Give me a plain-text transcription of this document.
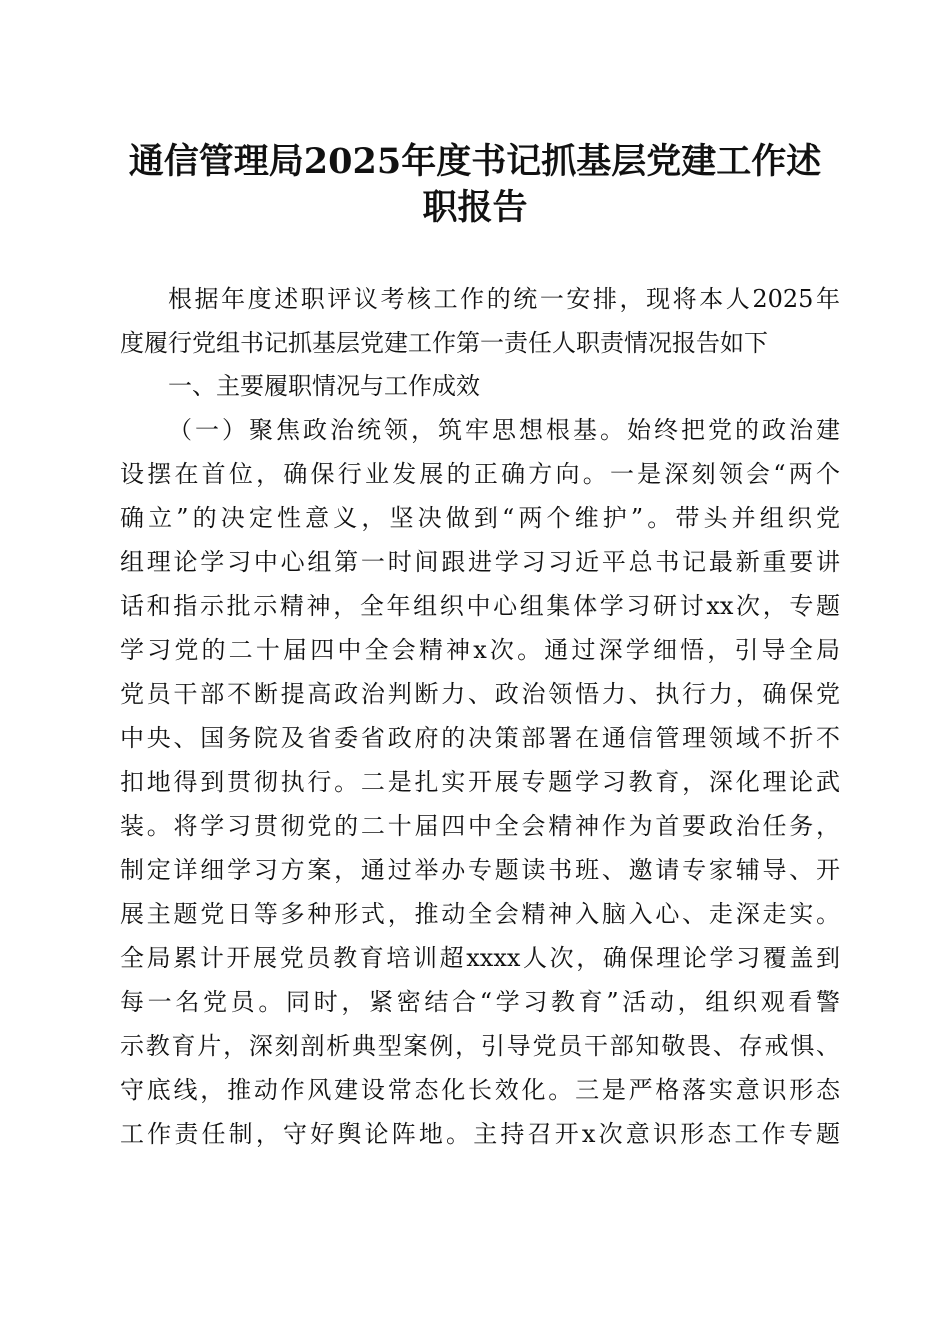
通信管理局2025年度书记抓基层党建工作述
职报告

根据年度述职评议考核工作的统一安排，现将本人2025年

度履行党组书记抓基层党建工作第一责任人职责情况报告如下

一、主要履职情况与工作成效

（一）聚焦政治统领，筑牢思想根基。始终把党的政治建

设摆在首位，确保行业发展的正确方向。一是深刻领会“两个

确立”的决定性意义，坚决做到“两个维护”。带头并组织党

组理论学习中心组第一时间跟进学习习近平总书记最新重要讲

话和指示批示精神，全年组织中心组集体学习研讨xx次，专题

学习党的二十届四中全会精神x次。通过深学细悟，引导全局

党员干部不断提高政治判断力、政治领悟力、执行力，确保党

中央、国务院及省委省政府的决策部署在通信管理领域不折不

扣地得到贯彻执行。二是扎实开展专题学习教育，深化理论武

装。将学习贯彻党的二十届四中全会精神作为首要政治任务，

制定详细学习方案，通过举办专题读书班、邀请专家辅导、开

展主题党日等多种形式，推动全会精神入脑入心、走深走实。

全局累计开展党员教育培训超xxxx人次，确保理论学习覆盖到

每一名党员。同时，紧密结合“学习教育”活动，组织观看警

示教育片，深刻剖析典型案例，引导党员干部知敬畏、存戒惧、

守底线，推动作风建设常态化长效化。三是严格落实意识形态

工作责任制，守好舆论阵地。主持召开x次意识形态工作专题
